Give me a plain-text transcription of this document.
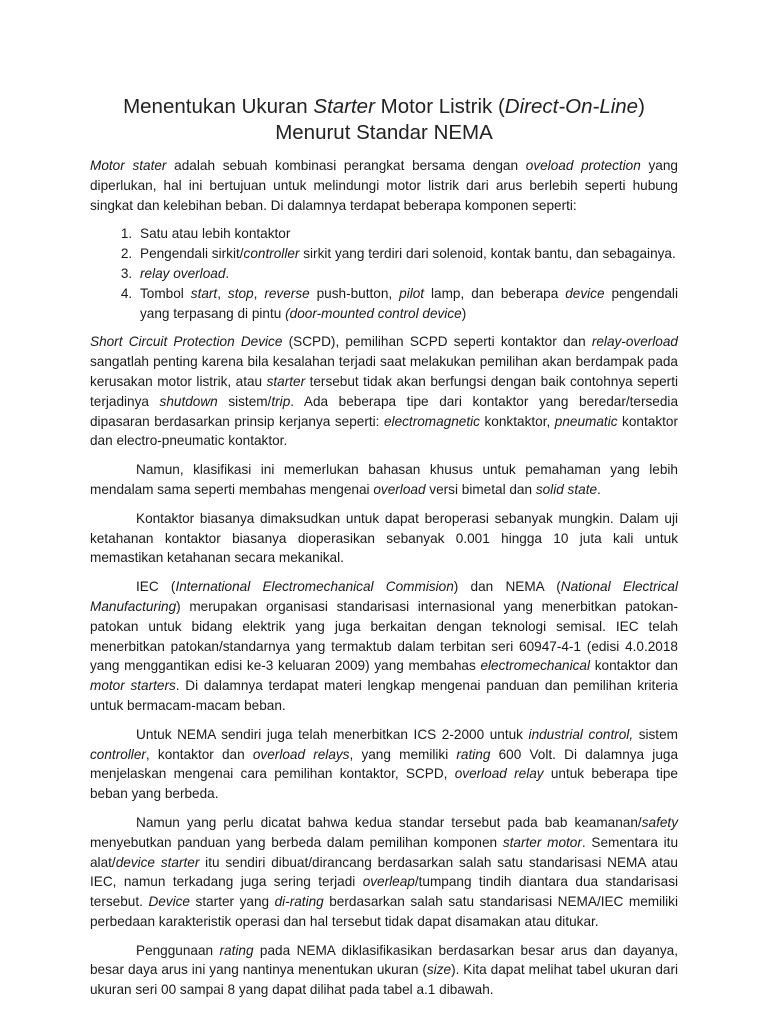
Menentukan Ukuran Starter Motor Listrik (Direct-On-Line) Menurut Standar NEMA

Motor stater adalah sebuah kombinasi perangkat bersama dengan oveload protection yang diperlukan, hal ini bertujuan untuk melindungi motor listrik dari arus berlebih seperti hubung singkat dan kelebihan beban. Di dalamnya terdapat beberapa komponen seperti:

1. Satu atau lebih kontaktor
2. Pengendali sirkit/controller sirkit yang terdiri dari solenoid, kontak bantu, dan sebagainya.
3. relay overload.
4. Tombol start, stop, reverse push-button, pilot lamp, dan beberapa device pengendali yang terpasang di pintu (door-mounted control device)

Short Circuit Protection Device (SCPD), pemilihan SCPD seperti kontaktor dan relay-overload sangatlah penting karena bila kesalahan terjadi saat melakukan pemilihan akan berdampak pada kerusakan motor listrik, atau starter tersebut tidak akan berfungsi dengan baik contohnya seperti terjadinya shutdown sistem/trip. Ada beberapa tipe dari kontaktor yang beredar/tersedia dipasaran berdasarkan prinsip kerjanya seperti: electromagnetic konktaktor, pneumatic kontaktor dan electro-pneumatic kontaktor.

Namun, klasifikasi ini memerlukan bahasan khusus untuk pemahaman yang lebih mendalam sama seperti membahas mengenai overload versi bimetal dan solid state.

Kontaktor biasanya dimaksudkan untuk dapat beroperasi sebanyak mungkin. Dalam uji ketahanan kontaktor biasanya dioperasikan sebanyak 0.001 hingga 10 juta kali untuk memastikan ketahanan secara mekanikal.

IEC (International Electromechanical Commision) dan NEMA (National Electrical Manufacturing) merupakan organisasi standarisasi internasional yang menerbitkan patokan-patokan untuk bidang elektrik yang juga berkaitan dengan teknologi semisal. IEC telah menerbitkan patokan/standarnya yang termaktub dalam terbitan seri 60947-4-1 (edisi 4.0.2018 yang menggantikan edisi ke-3 keluaran 2009) yang membahas electromechanical kontaktor dan motor starters. Di dalamnya terdapat materi lengkap mengenai panduan dan pemilihan kriteria untuk bermacam-macam beban.

Untuk NEMA sendiri juga telah menerbitkan ICS 2-2000 untuk industrial control, sistem controller, kontaktor dan overload relays, yang memiliki rating 600 Volt. Di dalamnya juga menjelaskan mengenai cara pemilihan kontaktor, SCPD, overload relay untuk beberapa tipe beban yang berbeda.

Namun yang perlu dicatat bahwa kedua standar tersebut pada bab keamanan/safety menyebutkan panduan yang berbeda dalam pemilihan komponen starter motor. Sementara itu alat/device starter itu sendiri dibuat/dirancang berdasarkan salah satu standarisasi NEMA atau IEC, namun terkadang juga sering terjadi overleap/tumpang tindih diantara dua standarisasi tersebut. Device starter yang di-rating berdasarkan salah satu standarisasi NEMA/IEC memiliki perbedaan karakteristik operasi dan hal tersebut tidak dapat disamakan atau ditukar.

Penggunaan rating pada NEMA diklasifikasikan berdasarkan besar arus dan dayanya, besar daya arus ini yang nantinya menentukan ukuran (size). Kita dapat melihat tabel ukuran dari ukuran seri 00 sampai 8 yang dapat dilihat pada tabel a.1 dibawah.
